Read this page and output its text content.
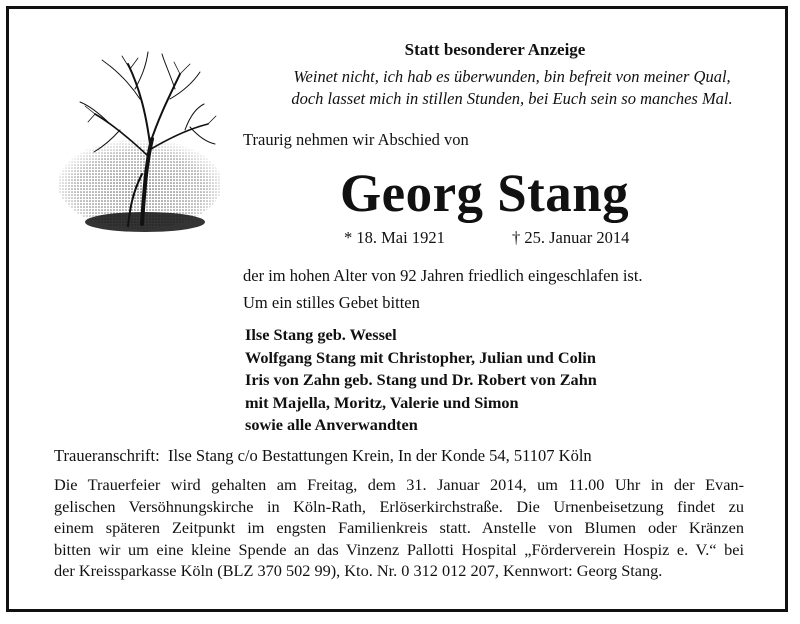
Statt besonderer Anzeige
Weinet nicht, ich hab es überwunden, bin befreit von meiner Qual,
doch lasset mich in stillen Stunden, bei Euch sein so manches Mal.
Traurig nehmen wir Abschied von
Georg Stang
* 18. Mai 1921	† 25. Januar 2014
der im hohen Alter von 92 Jahren friedlich eingeschlafen ist.
Um ein stilles Gebet bitten
Ilse Stang geb. Wessel
Wolfgang Stang mit Christopher, Julian und Colin
Iris von Zahn geb. Stang und Dr. Robert von Zahn
mit Majella, Moritz, Valerie und Simon
sowie alle Anverwandten
Traueranschrift:  Ilse Stang c/o Bestattungen Krein, In der Konde 54, 51107 Köln
Die Trauerfeier wird gehalten am Freitag, dem 31. Januar 2014, um 11.00 Uhr in der Evan-
gelischen Versöhnungskirche in Köln-Rath, Erlöserkirchstraße. Die Urnenbeisetzung findet zu
einem späteren Zeitpunkt im engsten Familienkreis statt. Anstelle von Blumen oder Kränzen
bitten wir um eine kleine Spende an das Vinzenz Pallotti Hospital „Förderverein Hospiz e. V.“ bei
der Kreissparkasse Köln (BLZ 370 502 99), Kto. Nr. 0 312 012 207, Kennwort: Georg Stang.
